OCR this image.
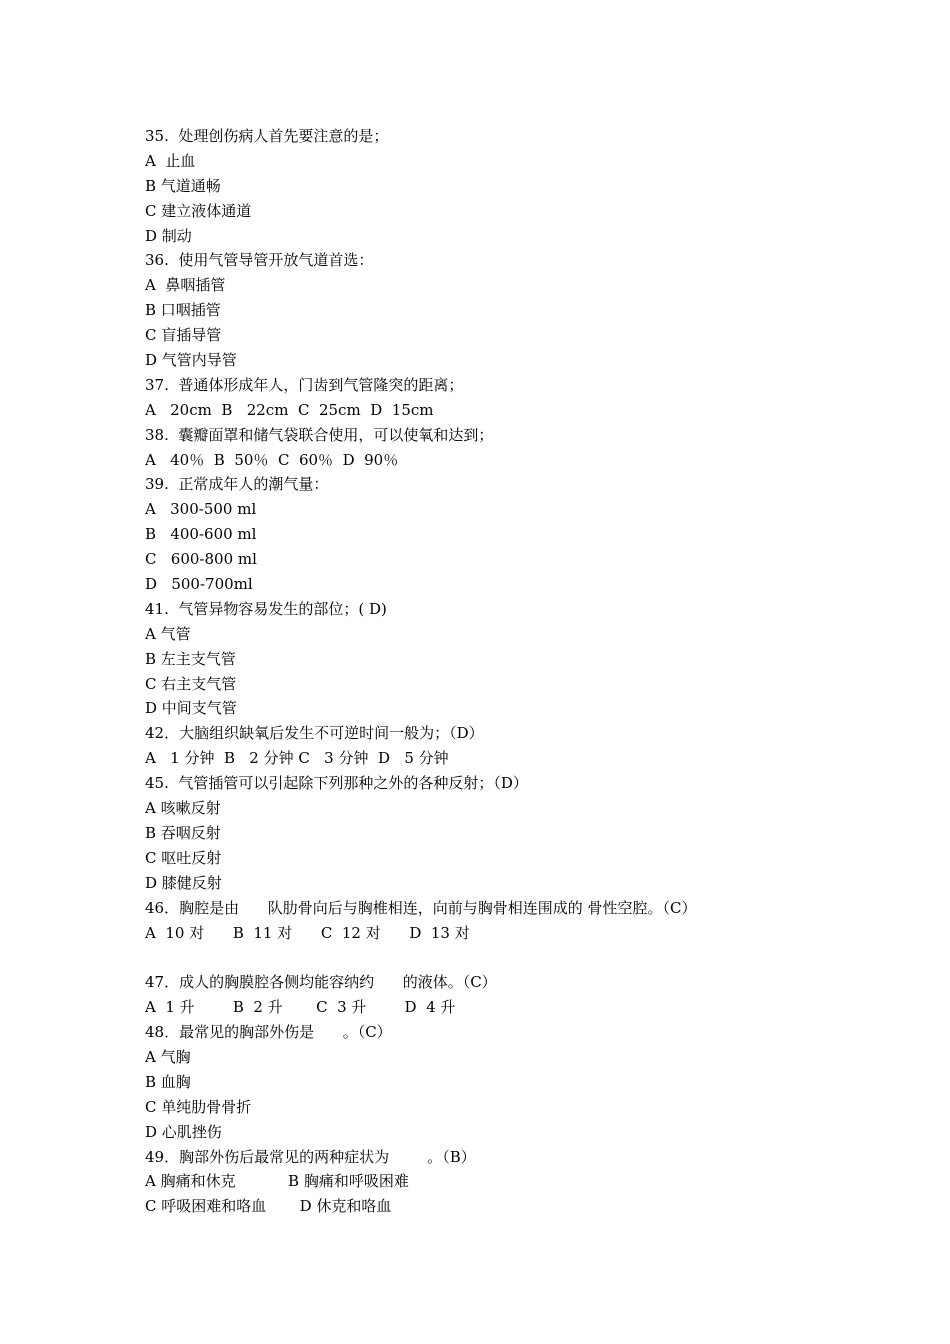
35.  处理创伤病人首先要注意的是；
A  止血
B 气道通畅
C 建立液体通道
D 制动
36.  使用气管导管开放气道首选：
A  鼻咽插管
B 口咽插管
C 盲插导管
D 气管内导管
37.  普通体形成年人，门齿到气管隆突的距离；
A   20cm  B   22cm  C  25cm  D  15cm
38.  囊瓣面罩和储气袋联合使用，可以使氧和达到；
A   40％  B  50％  C  60％  D  90％
39.  正常成年人的潮气量：
A   300-500 ml
B   400-600 ml
C   600-800 ml
D   500-700ml
41.  气管异物容易发生的部位；( D)
A 气管
B 左主支气管
C 右主支气管
D 中间支气管
42．大脑组织缺氧后发生不可逆时间一般为；（D）
A   1 分钟  B   2 分钟 C   3 分钟  D   5 分钟
45.  气管插管可以引起除下列那种之外的各种反射；（D）
A 咳嗽反射
B 吞咽反射
C 呕吐反射
D 膝健反射
46．胸腔是由      队肋骨向后与胸椎相连，向前与胸骨相连围成的 骨性空腔。（C）
A  10 对      B  11 对      C  12 对      D  13 对
47．成人的胸膜腔各侧均能容纳约      的液体。（C）
A  1 升        B  2 升       C  3 升        D  4 升
48．最常见的胸部外伤是      。（C）
A 气胸
B 血胸
C 单纯肋骨骨折
D 心肌挫伤
49．胸部外伤后最常见的两种症状为        。（B）
A 胸痛和休克           B 胸痛和呼吸困难
C 呼吸困难和咯血       D 休克和咯血
